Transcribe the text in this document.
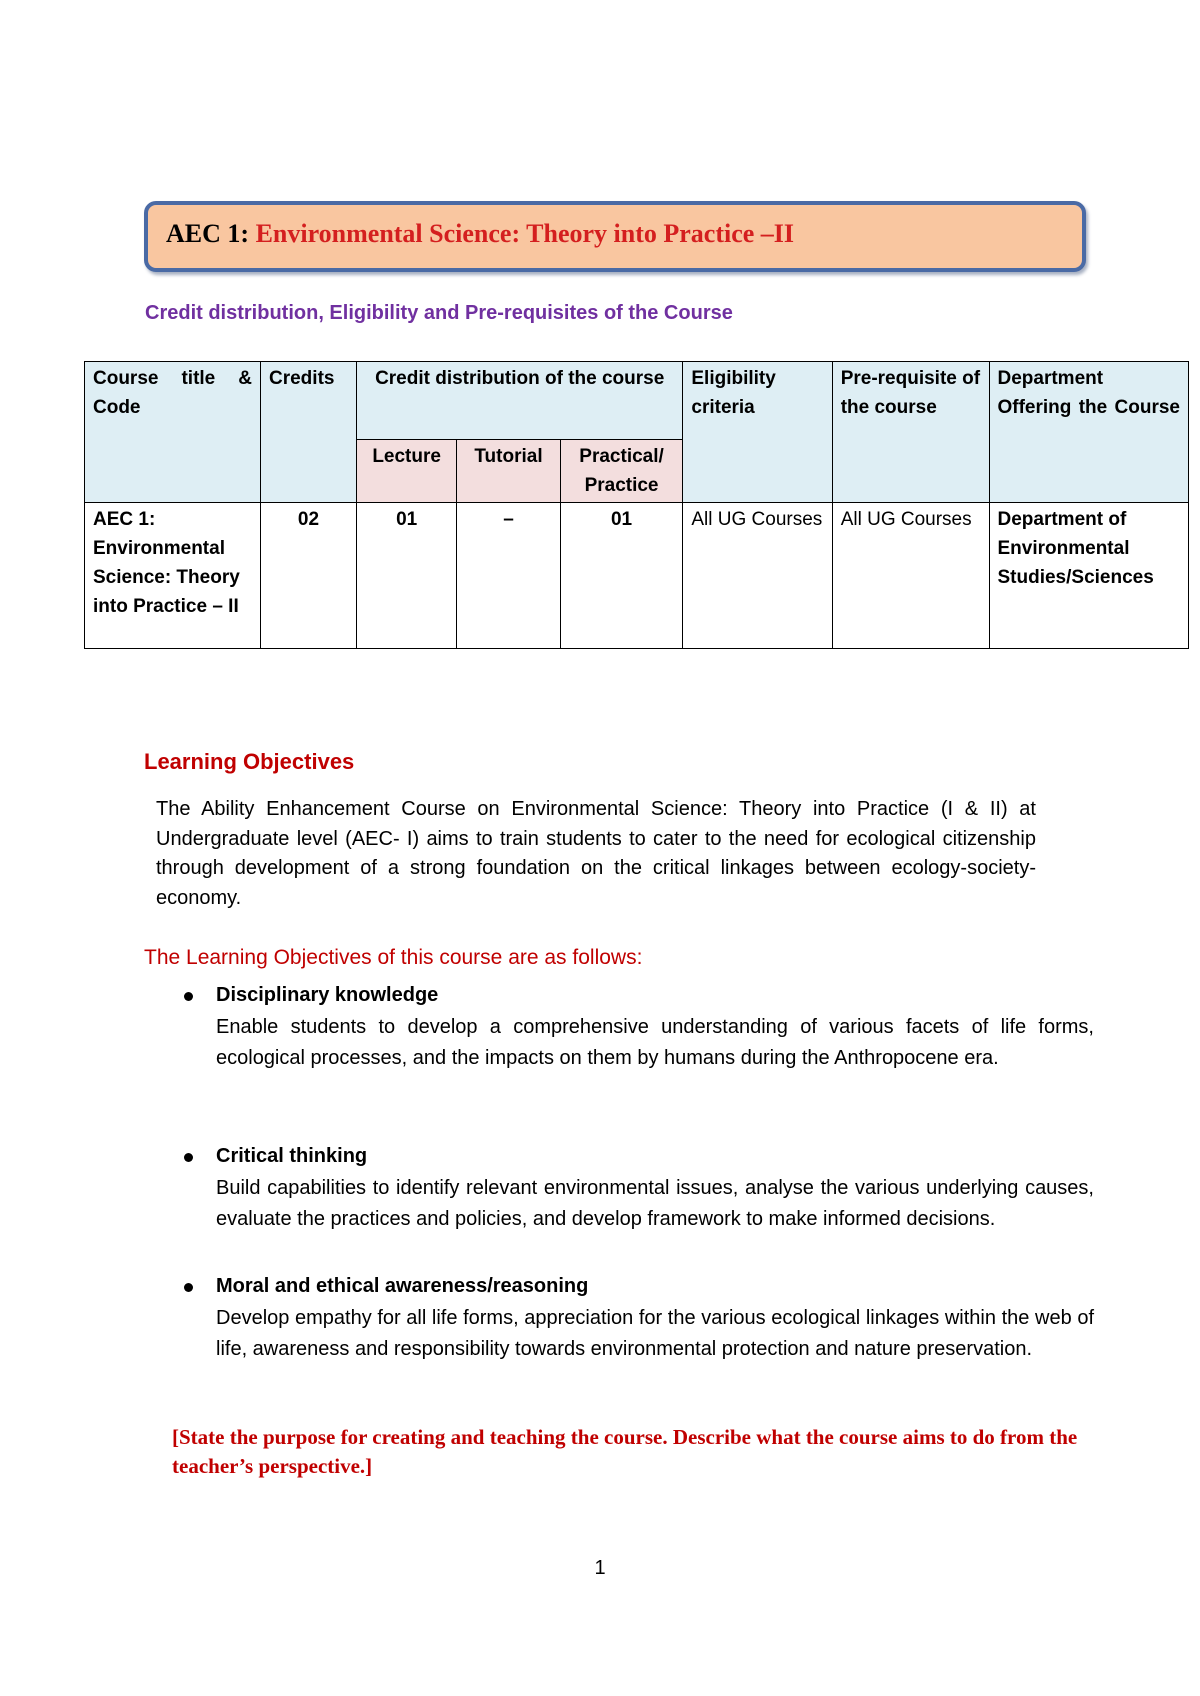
AEC 1: Environmental Science: Theory into Practice –II
Credit distribution, Eligibility and Pre-requisites of the Course
Course title & Code	Credits	Credit distribution of the course			Eligibility criteria	Pre-requisite of the course	Department Offering the Course
		Lecture	Tutorial	Practical/ Practice			
AEC 1: Environmental Science: Theory into Practice – II	02	01	–	01	All UG Courses	All UG Courses	Department of Environmental Studies/Sciences
Learning Objectives
The Ability Enhancement Course on Environmental Science: Theory into Practice (I & II) at Undergraduate level (AEC- I) aims to train students to cater to the need for ecological citizenship through development of a strong foundation on the critical linkages between ecology-society-economy.
The Learning Objectives of this course are as follows:
Disciplinary knowledge
Enable students to develop a comprehensive understanding of various facets of life forms, ecological processes, and the impacts on them by humans during the Anthropocene era.
Critical thinking
Build capabilities to identify relevant environmental issues, analyse the various underlying causes, evaluate the practices and policies, and develop framework to make informed decisions.
Moral and ethical awareness/reasoning
Develop empathy for all life forms, appreciation for the various ecological linkages within the web of life, awareness and responsibility towards environmental protection and nature preservation.
[State the purpose for creating and teaching the course. Describe what the course aims to do from the teacher’s perspective.]
1
